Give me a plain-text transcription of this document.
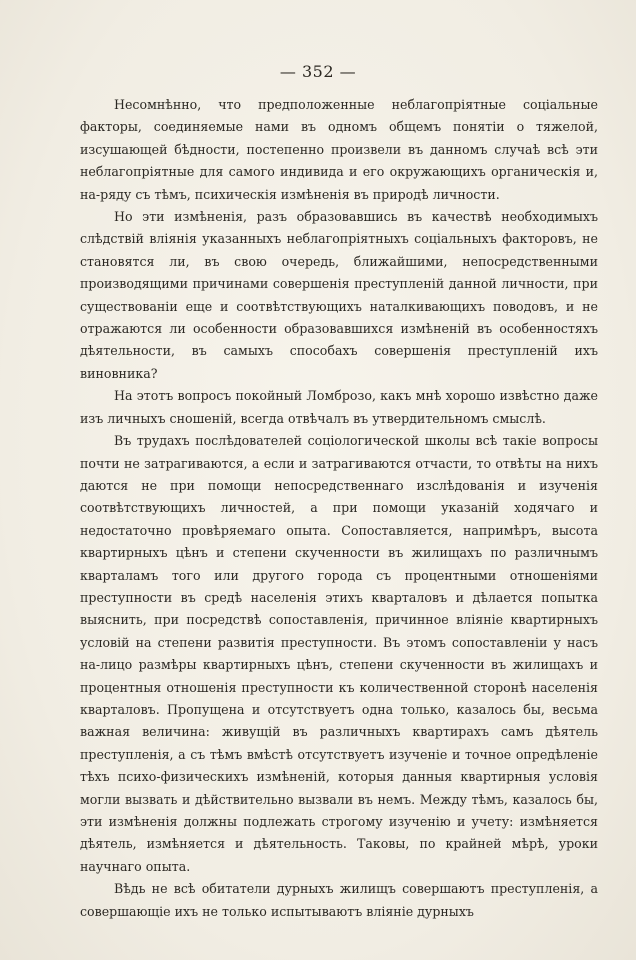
— 352 —

Несомнѣнно, что предположенные неблагопріятные соціальные факторы, соединяемые нами въ одномъ общемъ понятіи о тяжелой, изсушающей бѣдности, постепенно произвели въ данномъ случаѣ всѣ эти неблагопріятные для самого индивида и его окружающихъ органическія и, на-ряду съ тѣмъ, психическія измѣненія въ природѣ личности.

Но эти измѣненія, разъ образовавшись въ качествѣ необходимыхъ слѣдствій вліянія указанныхъ неблагопріятныхъ соціальныхъ факторовъ, не становятся ли, въ свою очередь, ближайшими, непосредственными производящими причинами совершенія преступленій данной личности, при существованіи еще и соотвѣтствующихъ наталкивающихъ поводовъ, и не отражаются ли особенности образовавшихся измѣненій въ особенностяхъ дѣятельности, въ самыхъ способахъ совершенія преступленій ихъ виновника?

На этотъ вопросъ покойный Ломброзо, какъ мнѣ хорошо извѣстно даже изъ личныхъ сношеній, всегда отвѣчалъ въ утвердительномъ смыслѣ.

Въ трудахъ послѣдователей соціологической школы всѣ такіе вопросы почти не затрагиваются, а если и затрагиваются отчасти, то отвѣты на нихъ даются не при помощи непосредственнаго изслѣдованія и изученія соотвѣтствующихъ личностей, а при помощи указаній ходячаго и недостаточно провѣряемаго опыта. Сопоставляется, напримѣръ, высота квартирныхъ цѣнъ и степени скученности въ жилищахъ по различнымъ кварталамъ того или другого города съ процентными отношеніями преступности въ средѣ населенія этихъ кварталовъ и дѣлается попытка выяснить, при посредствѣ сопоставленія, причинное вліяніе квартирныхъ условій на степени развитія преступности. Въ этомъ сопоставленіи у насъ на-лицо размѣры квартирныхъ цѣнъ, степени скученности въ жилищахъ и процентныя отношенія преступности къ количественной сторонѣ населенія кварталовъ. Пропущена и отсутствуетъ одна только, казалось бы, весьма важная величина: живущій въ различныхъ квартирахъ самъ дѣятель преступленія, а съ тѣмъ вмѣстѣ отсутствуетъ изученіе и точное опредѣленіе тѣхъ психо-физическихъ измѣненій, которыя данныя квартирныя условія могли вызвать и дѣйствительно вызвали въ немъ. Между тѣмъ, казалось бы, эти измѣненія должны подлежать строгому изученію и учету: измѣняется дѣятель, измѣняется и дѣятельность. Таковы, по крайней мѣрѣ, уроки научнаго опыта.

Вѣдь не всѣ обитатели дурныхъ жилищъ совершаютъ преступленія, а совершающіе ихъ не только испытываютъ вліяніе дурныхъ
